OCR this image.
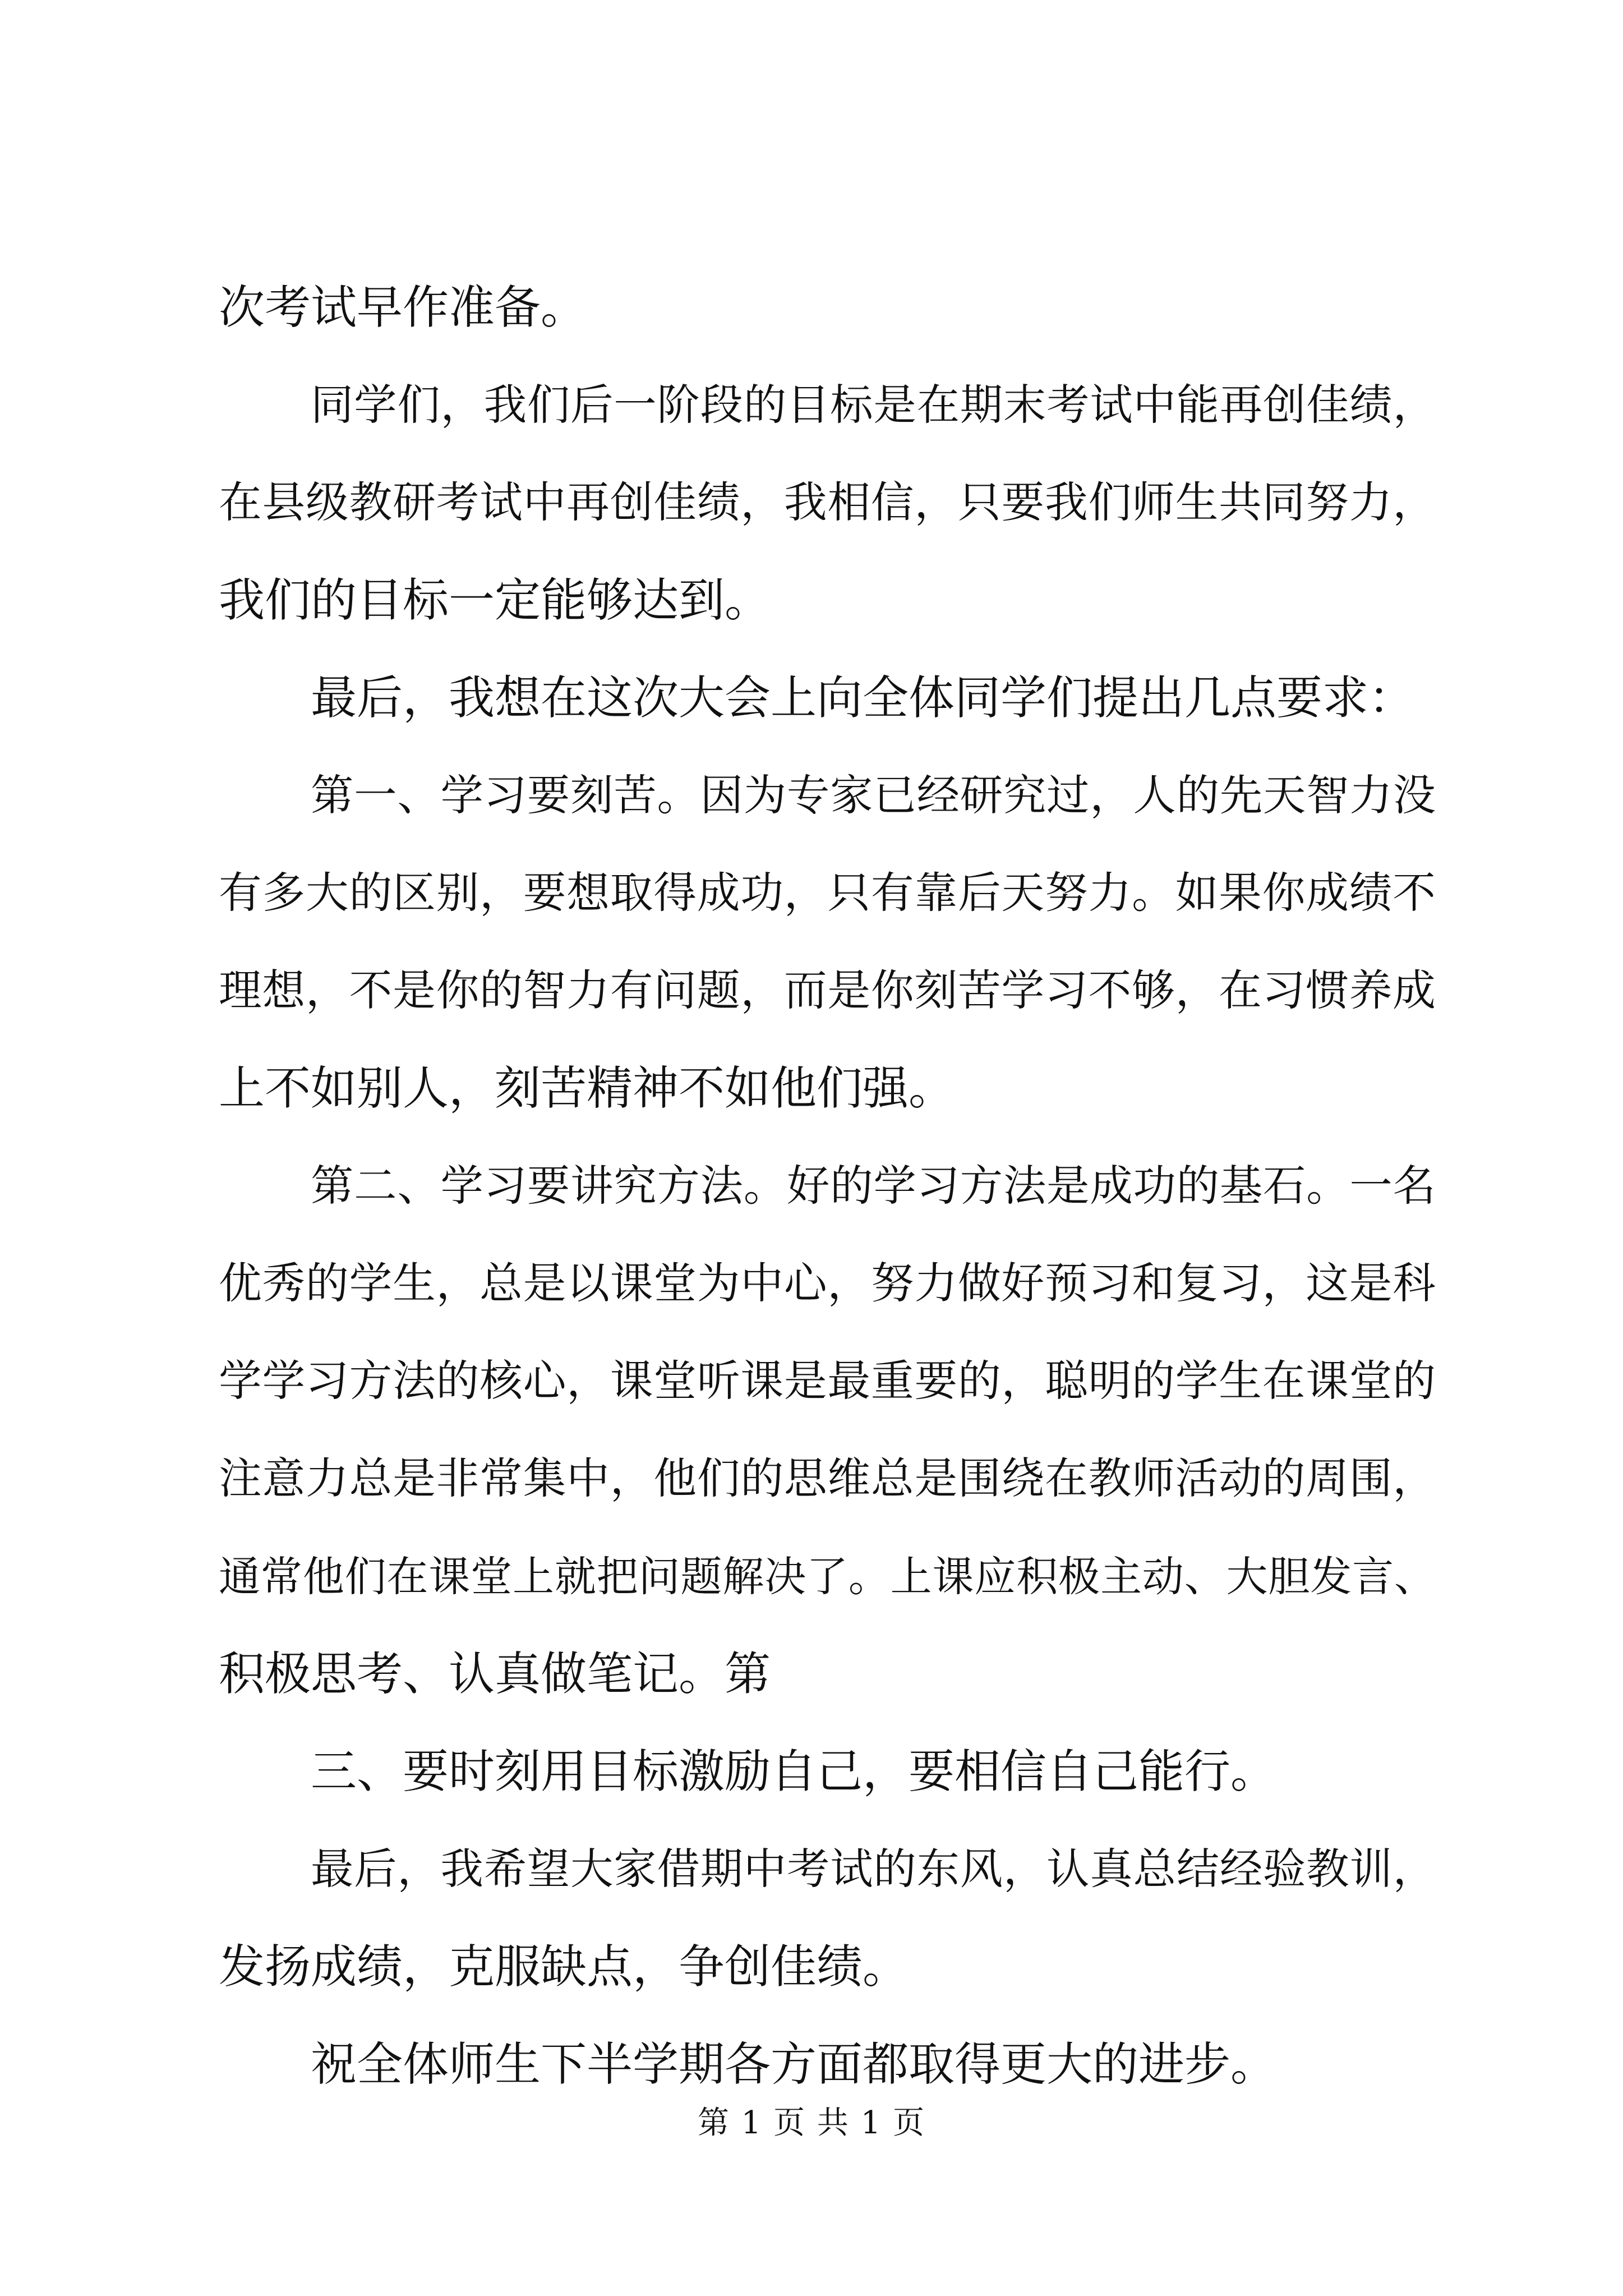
次考试早作准备。
同学们，我们后一阶段的目标是在期末考试中能再创佳绩，
在县级教研考试中再创佳绩，我相信，只要我们师生共同努力，
我们的目标一定能够达到。
最后，我想在这次大会上向全体同学们提出几点要求：
第一、学习要刻苦。因为专家已经研究过，人的先天智力没
有多大的区别，要想取得成功，只有靠后天努力。如果你成绩不
理想，不是你的智力有问题，而是你刻苦学习不够，在习惯养成
上不如别人，刻苦精神不如他们强。
第二、学习要讲究方法。好的学习方法是成功的基石。一名
优秀的学生，总是以课堂为中心，努力做好预习和复习，这是科
学学习方法的核心，课堂听课是最重要的，聪明的学生在课堂的
注意力总是非常集中，他们的思维总是围绕在教师活动的周围，
通常他们在课堂上就把问题解决了。上课应积极主动、大胆发言、
积极思考、认真做笔记。第
三、要时刻用目标激励自己，要相信自己能行。
最后，我希望大家借期中考试的东风，认真总结经验教训，
发扬成绩，克服缺点，争创佳绩。
祝全体师生下半学期各方面都取得更大的进步。
第 1 页 共 1 页
